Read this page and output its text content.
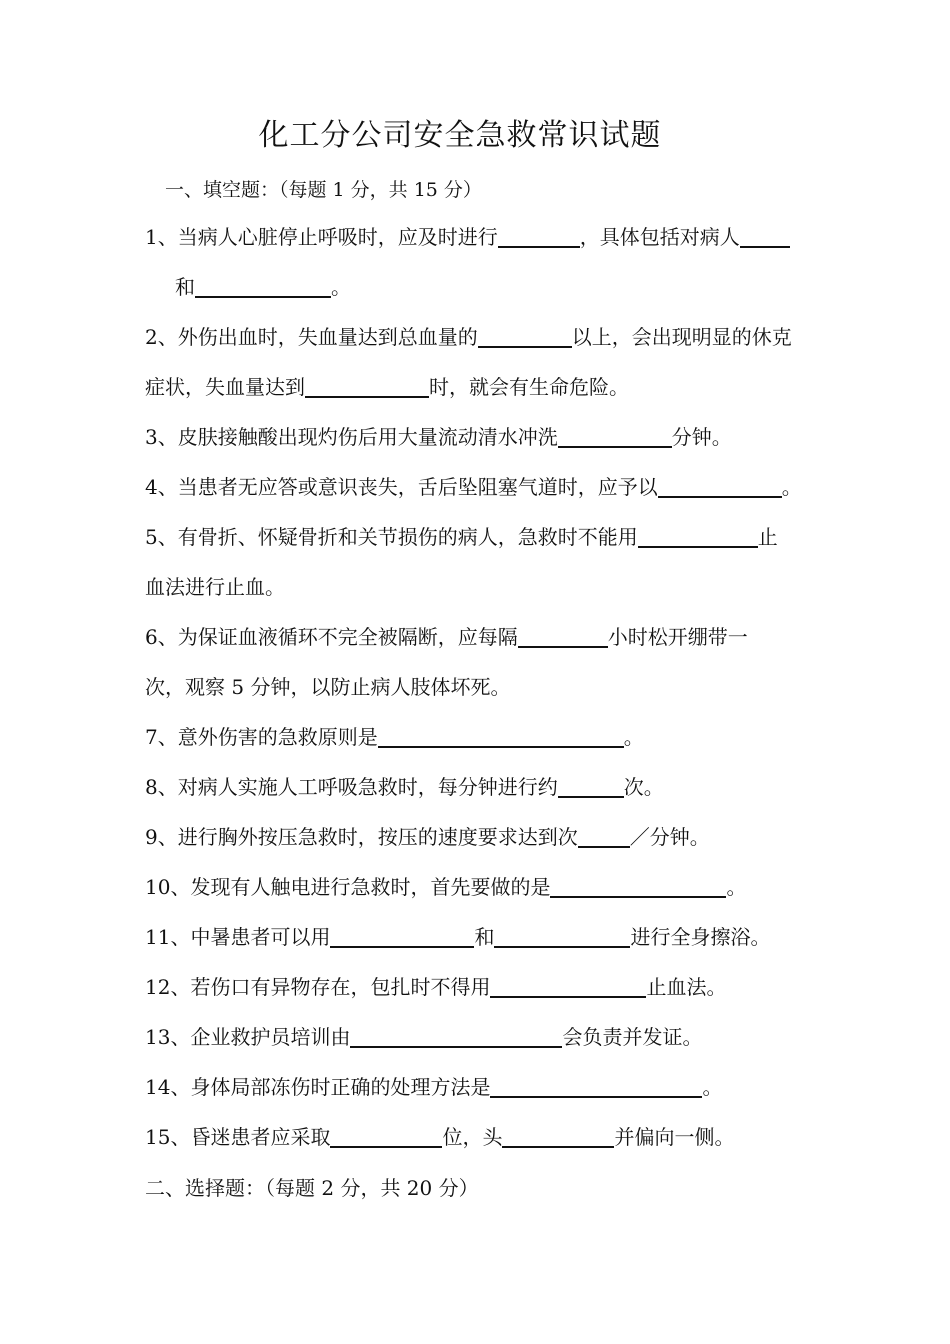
化工分公司安全急救常识试题
一、填空题：（每题 1 分，共 15 分）
1、当病人心脏停止呼吸时，应及时进行	，具体包括对病人
和	。
2、外伤出血时，失血量达到总血量的	以上，会出现明显的休克
症状，失血量达到	时，就会有生命危险。
3、皮肤接触酸出现灼伤后用大量流动清水冲洗	分钟。
4、当患者无应答或意识丧失，舌后坠阻塞气道时，应予以	。
5、有骨折、怀疑骨折和关节损伤的病人，急救时不能用	止
血法进行止血。
6、为保证血液循环不完全被隔断，应每隔	小时松开绷带一
次，观察 5 分钟，以防止病人肢体坏死。
7、意外伤害的急救原则是	。
8、对病人实施人工呼吸急救时，每分钟进行约	次。
9、进行胸外按压急救时，按压的速度要求达到次	／分钟。
10、发现有人触电进行急救时，首先要做的是	。
11、中暑患者可以用	和	进行全身擦浴。
12、若伤口有异物存在，包扎时不得用	止血法。
13、企业救护员培训由	会负责并发证。
14、身体局部冻伤时正确的处理方法是	。
15、昏迷患者应采取	位，头	并偏向一侧。
二、选择题：（每题 2 分，共 20 分）
